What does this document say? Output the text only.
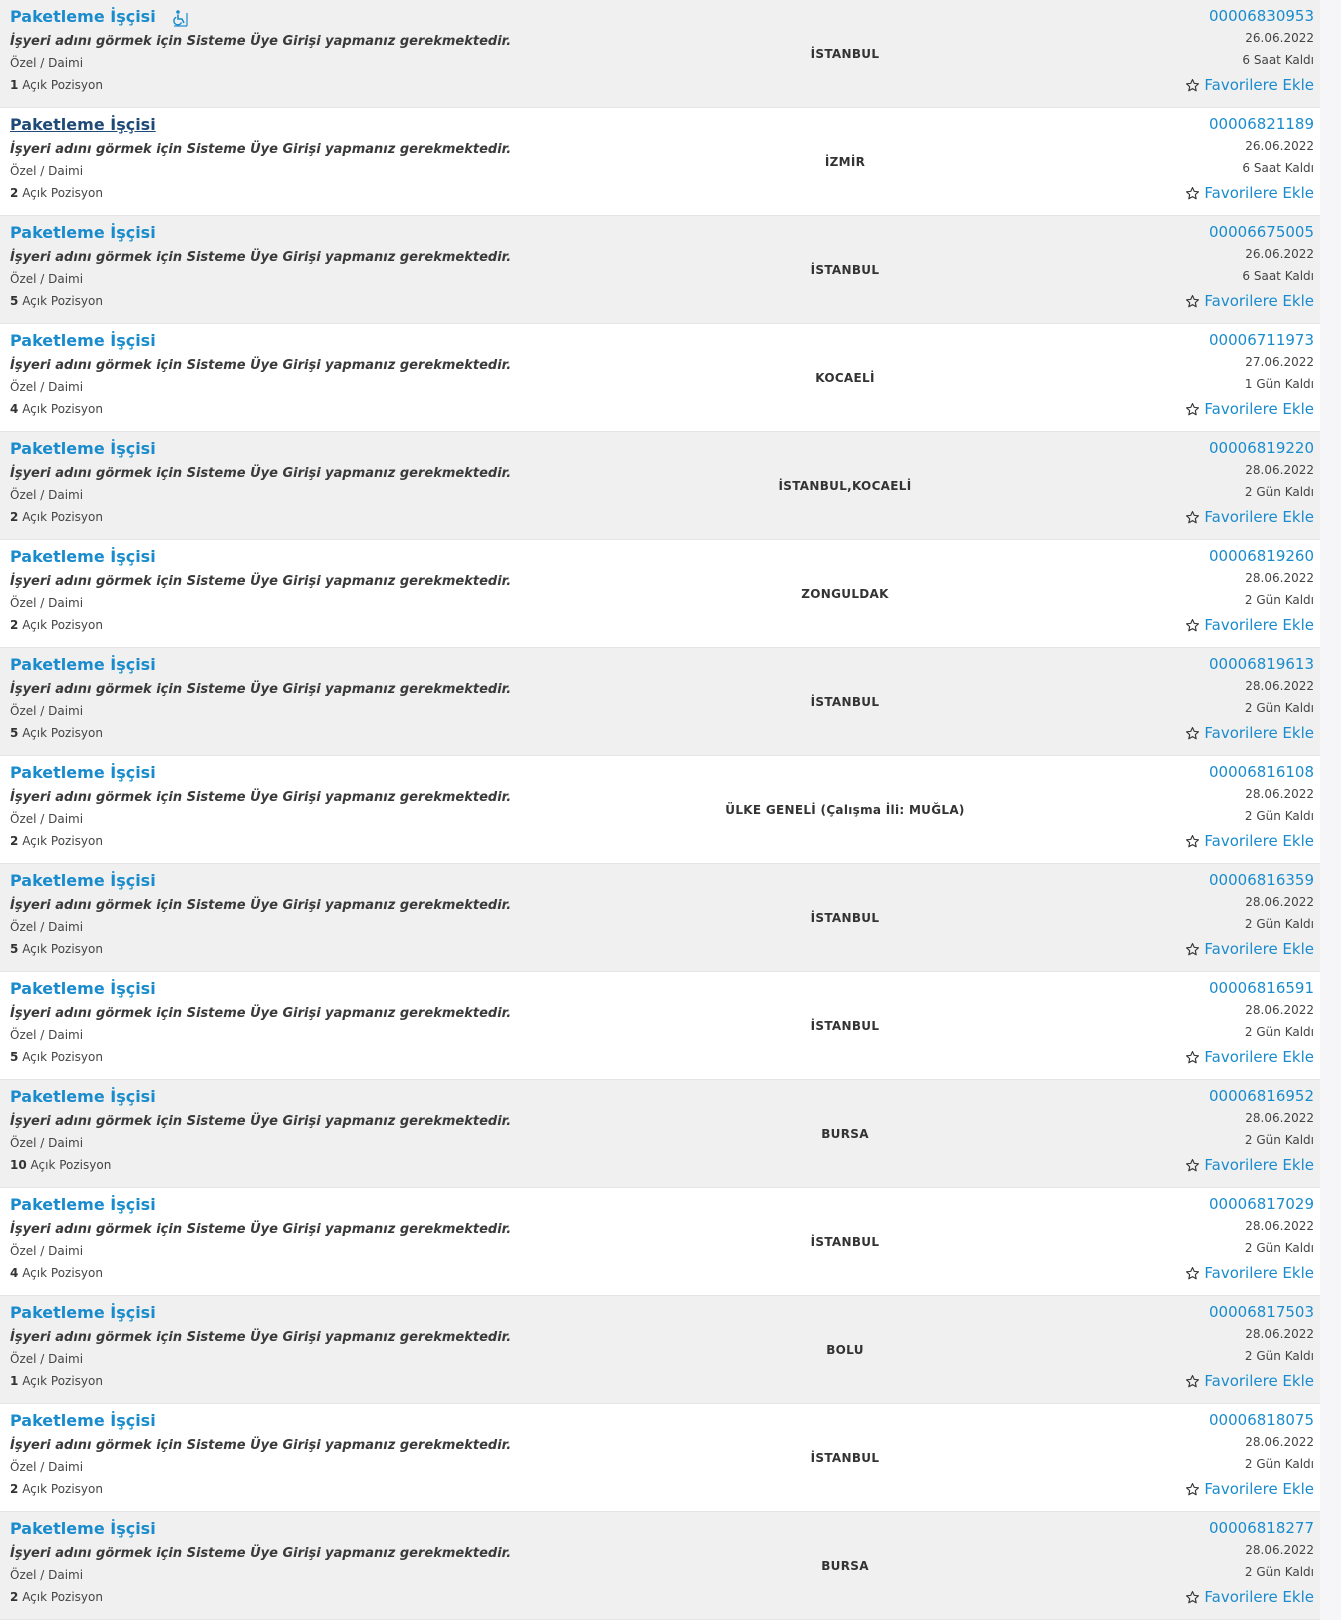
Paketleme İşçisi
İşyeri adını görmek için Sisteme Üye Girişi yapmanız gerekmektedir.
Özel / Daimi
1 Açık Pozisyon
İSTANBUL
00006830953
26.06.2022
6 Saat Kaldı
Favorilere Ekle
Paketleme İşçisi
İşyeri adını görmek için Sisteme Üye Girişi yapmanız gerekmektedir.
Özel / Daimi
2 Açık Pozisyon
İZMİR
00006821189
26.06.2022
6 Saat Kaldı
Favorilere Ekle
Paketleme İşçisi
İşyeri adını görmek için Sisteme Üye Girişi yapmanız gerekmektedir.
Özel / Daimi
5 Açık Pozisyon
İSTANBUL
00006675005
26.06.2022
6 Saat Kaldı
Favorilere Ekle
Paketleme İşçisi
İşyeri adını görmek için Sisteme Üye Girişi yapmanız gerekmektedir.
Özel / Daimi
4 Açık Pozisyon
KOCAELİ
00006711973
27.06.2022
1 Gün Kaldı
Favorilere Ekle
Paketleme İşçisi
İşyeri adını görmek için Sisteme Üye Girişi yapmanız gerekmektedir.
Özel / Daimi
2 Açık Pozisyon
İSTANBUL,KOCAELİ
00006819220
28.06.2022
2 Gün Kaldı
Favorilere Ekle
Paketleme İşçisi
İşyeri adını görmek için Sisteme Üye Girişi yapmanız gerekmektedir.
Özel / Daimi
2 Açık Pozisyon
ZONGULDAK
00006819260
28.06.2022
2 Gün Kaldı
Favorilere Ekle
Paketleme İşçisi
İşyeri adını görmek için Sisteme Üye Girişi yapmanız gerekmektedir.
Özel / Daimi
5 Açık Pozisyon
İSTANBUL
00006819613
28.06.2022
2 Gün Kaldı
Favorilere Ekle
Paketleme İşçisi
İşyeri adını görmek için Sisteme Üye Girişi yapmanız gerekmektedir.
Özel / Daimi
2 Açık Pozisyon
ÜLKE GENELİ (Çalışma İli: MUĞLA)
00006816108
28.06.2022
2 Gün Kaldı
Favorilere Ekle
Paketleme İşçisi
İşyeri adını görmek için Sisteme Üye Girişi yapmanız gerekmektedir.
Özel / Daimi
5 Açık Pozisyon
İSTANBUL
00006816359
28.06.2022
2 Gün Kaldı
Favorilere Ekle
Paketleme İşçisi
İşyeri adını görmek için Sisteme Üye Girişi yapmanız gerekmektedir.
Özel / Daimi
5 Açık Pozisyon
İSTANBUL
00006816591
28.06.2022
2 Gün Kaldı
Favorilere Ekle
Paketleme İşçisi
İşyeri adını görmek için Sisteme Üye Girişi yapmanız gerekmektedir.
Özel / Daimi
10 Açık Pozisyon
BURSA
00006816952
28.06.2022
2 Gün Kaldı
Favorilere Ekle
Paketleme İşçisi
İşyeri adını görmek için Sisteme Üye Girişi yapmanız gerekmektedir.
Özel / Daimi
4 Açık Pozisyon
İSTANBUL
00006817029
28.06.2022
2 Gün Kaldı
Favorilere Ekle
Paketleme İşçisi
İşyeri adını görmek için Sisteme Üye Girişi yapmanız gerekmektedir.
Özel / Daimi
1 Açık Pozisyon
BOLU
00006817503
28.06.2022
2 Gün Kaldı
Favorilere Ekle
Paketleme İşçisi
İşyeri adını görmek için Sisteme Üye Girişi yapmanız gerekmektedir.
Özel / Daimi
2 Açık Pozisyon
İSTANBUL
00006818075
28.06.2022
2 Gün Kaldı
Favorilere Ekle
Paketleme İşçisi
İşyeri adını görmek için Sisteme Üye Girişi yapmanız gerekmektedir.
Özel / Daimi
2 Açık Pozisyon
BURSA
00006818277
28.06.2022
2 Gün Kaldı
Favorilere Ekle
